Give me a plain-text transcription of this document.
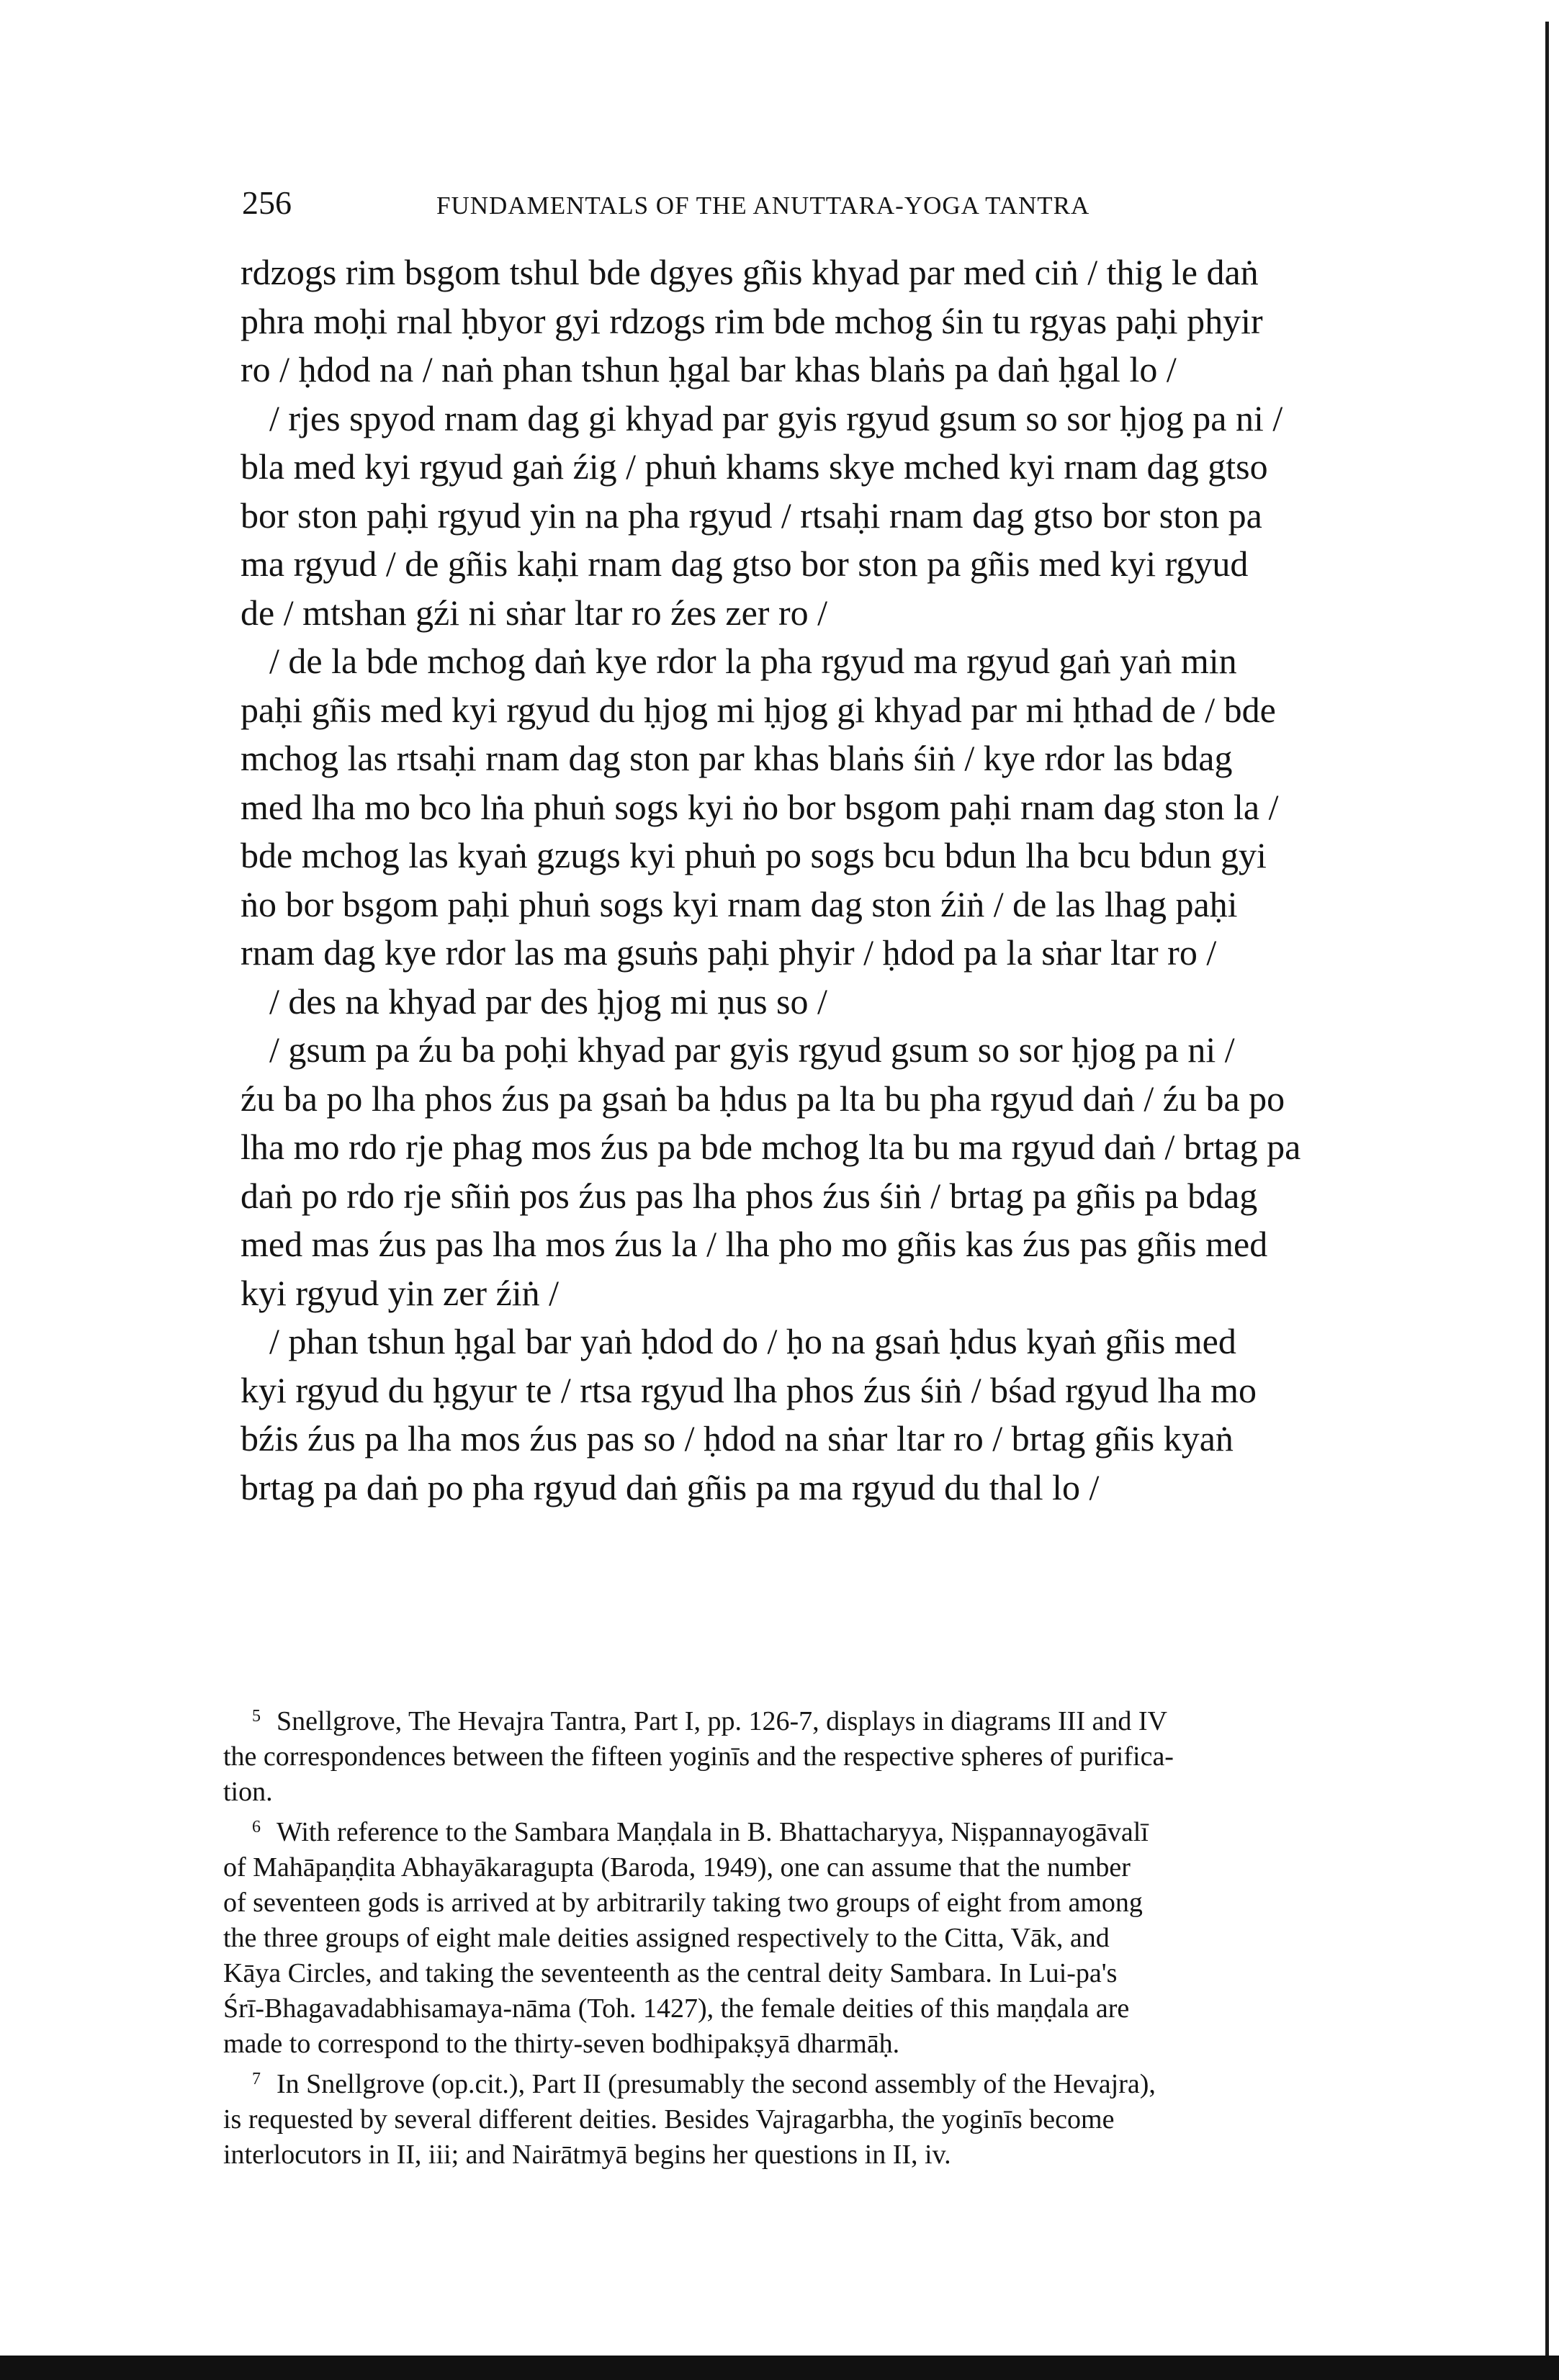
256	FUNDAMENTALS OF THE ANUTTARA-YOGA TANTRA

rdzogs rim bsgom tshul bde dgyes gñis khyad par med ciṅ / thig le daṅ

phra moḥi rnal ḥbyor gyi rdzogs rim bde mchog śin tu rgyas paḥi phyir

ro / ḥdod na / naṅ phan tshun ḥgal bar khas blaṅs pa daṅ ḥgal lo /

/ rjes spyod rnam dag gi khyad par gyis rgyud gsum so sor ḥjog pa ni /

bla med kyi rgyud gaṅ źig / phuṅ khams skye mched kyi rnam dag gtso

bor ston paḥi rgyud yin na pha rgyud / rtsaḥi rnam dag gtso bor ston pa

ma rgyud / de gñis kaḥi rnam dag gtso bor ston pa gñis med kyi rgyud

de / mtshan gźi ni sṅar ltar ro źes zer ro /

/ de la bde mchog daṅ kye rdor la pha rgyud ma rgyud gaṅ yaṅ min

paḥi gñis med kyi rgyud du ḥjog mi ḥjog gi khyad par mi ḥthad de / bde

mchog las rtsaḥi rnam dag ston par khas blaṅs śiṅ / kye rdor las bdag

med lha mo bco lṅa phuṅ sogs kyi ṅo bor bsgom paḥi rnam dag ston la /

bde mchog las kyaṅ gzugs kyi phuṅ po sogs bcu bdun lha bcu bdun gyi

ṅo bor bsgom paḥi phuṅ sogs kyi rnam dag ston źiṅ / de las lhag paḥi

rnam dag kye rdor las ma gsuṅs paḥi phyir / ḥdod pa la sṅar ltar ro /

/ des na khyad par des ḥjog mi ṇus so /

/ gsum pa źu ba poḥi khyad par gyis rgyud gsum so sor ḥjog pa ni /

źu ba po lha phos źus pa gsaṅ ba ḥdus pa lta bu pha rgyud daṅ / źu ba po

lha mo rdo rje phag mos źus pa bde mchog lta bu ma rgyud daṅ / brtag pa

daṅ po rdo rje sñiṅ pos źus pas lha phos źus śiṅ / brtag pa gñis pa bdag

med mas źus pas lha mos źus la / lha pho mo gñis kas źus pas gñis med

kyi rgyud yin zer źiṅ /

/ phan tshun ḥgal bar yaṅ ḥdod do / ḥo na gsaṅ ḥdus kyaṅ gñis med

kyi rgyud du ḥgyur te / rtsa rgyud lha phos źus śiṅ / bśad rgyud lha mo

bźis źus pa lha mos źus pas so / ḥdod na sṅar ltar ro / brtag gñis kyaṅ

brtag pa daṅ po pha rgyud daṅ gñis pa ma rgyud du thal lo /

$^5$ Snellgrove, The Hevajra Tantra, Part I, pp. 126-7, displays in diagrams III and IV

the correspondences between the fifteen yoginīs and the respective spheres of purifica-

tion.

$^6$ With reference to the Sambara Maṇḍala in B. Bhattacharyya, Niṣpannayogāvalī

of Mahāpaṇḍita Abhayākaragupta (Baroda, 1949), one can assume that the number

of seventeen gods is arrived at by arbitrarily taking two groups of eight from among

the three groups of eight male deities assigned respectively to the Citta, Vāk, and

Kāya Circles, and taking the seventeenth as the central deity Sambara. In Lui-pa's

Śrī-Bhagavadabhisamaya-nāma (Toh. 1427), the female deities of this maṇḍala are

made to correspond to the thirty-seven bodhipakṣyā dharmāḥ.

$^7$ In Snellgrove (op.cit.), Part II (presumably the second assembly of the Hevajra),

is requested by several different deities. Besides Vajragarbha, the yoginīs become

interlocutors in II, iii; and Nairātmyā begins her questions in II, iv.
